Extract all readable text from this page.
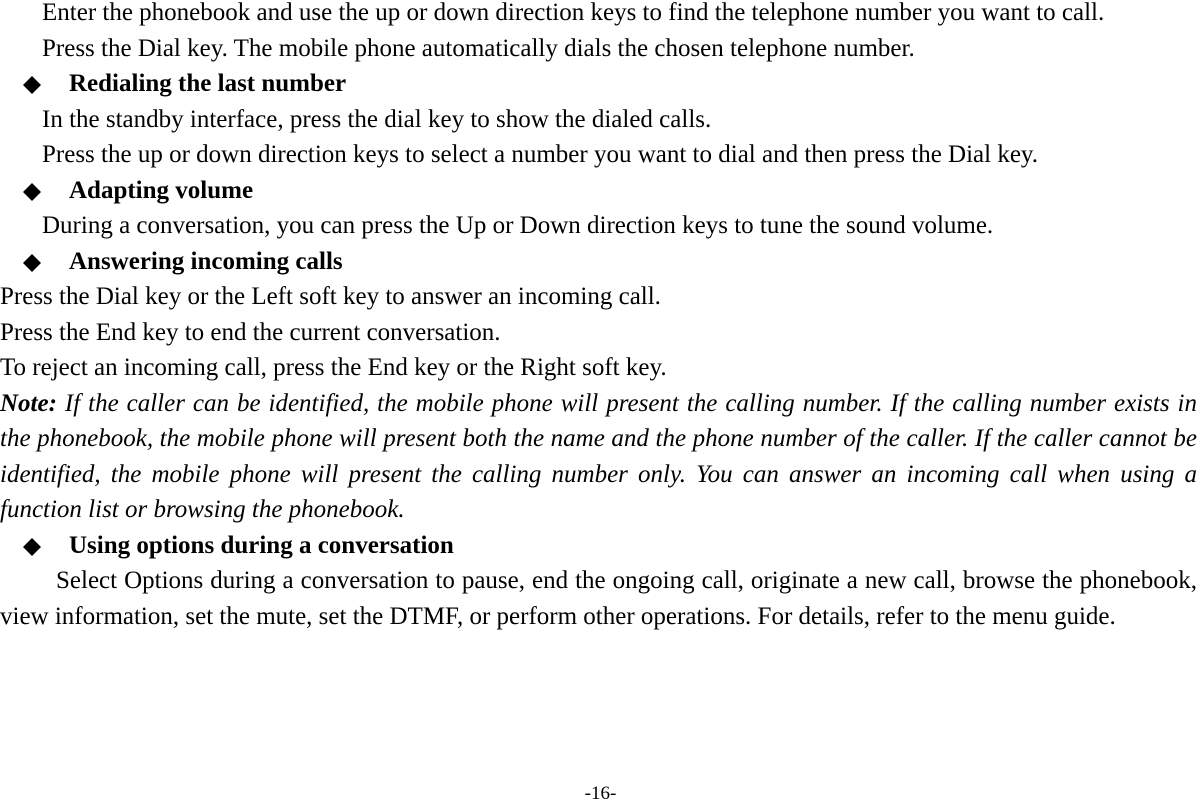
Enter the phonebook and use the up or down direction keys to find the telephone number you want to call.

Press the Dial key. The mobile phone automatically dials the chosen telephone number.

Redialing the last number

In the standby interface, press the dial key to show the dialed calls.

Press the up or down direction keys to select a number you want to dial and then press the Dial key.

Adapting volume

During a conversation, you can press the Up or Down direction keys to tune the sound volume.

Answering incoming calls

Press the Dial key or the Left soft key to answer an incoming call.

Press the End key to end the current conversation.

To reject an incoming call, press the End key or the Right soft key.

Note: If the caller can be identified, the mobile phone will present the calling number. If the calling number exists in the phonebook, the mobile phone will present both the name and the phone number of the caller. If the caller cannot be identified, the mobile phone will present the calling number only. You can answer an incoming call when using a function list or browsing the phonebook.

Using options during a conversation

Select Options during a conversation to pause, end the ongoing call, originate a new call, browse the phonebook, view information, set the mute, set the DTMF, or perform other operations. For details, refer to the menu guide.

-16-
